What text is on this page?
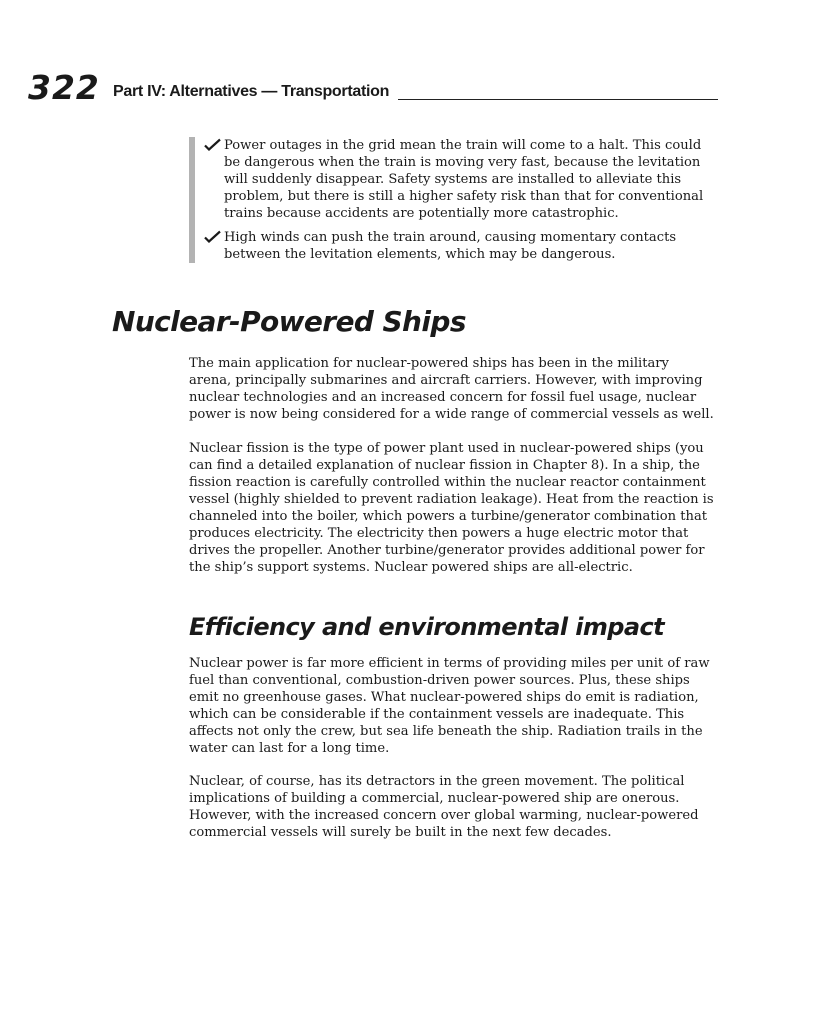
322 Part IV: Alternatives — Transportation
Power outages in the grid mean the train will come to a halt. This could be dangerous when the train is moving very fast, because the levitation will suddenly disappear. Safety systems are installed to alleviate this problem, but there is still a higher safety risk than that for conventional trains because accidents are potentially more catastrophic.
High winds can push the train around, causing momentary contacts between the levitation elements, which may be dangerous.
Nuclear-Powered Ships

The main application for nuclear-powered ships has been in the military arena, principally submarines and aircraft carriers. However, with improving nuclear technologies and an increased concern for fossil fuel usage, nuclear power is now being considered for a wide range of commercial vessels as well.

Nuclear fission is the type of power plant used in nuclear-powered ships (you can find a detailed explanation of nuclear fission in Chapter 8). In a ship, the fission reaction is carefully controlled within the nuclear reactor containment vessel (highly shielded to prevent radiation leakage). Heat from the reaction is channeled into the boiler, which powers a turbine/generator combination that produces electricity. The electricity then powers a huge electric motor that drives the propeller. Another turbine/generator provides additional power for the ship’s support systems. Nuclear powered ships are all-electric.

Efficiency and environmental impact

Nuclear power is far more efficient in terms of providing miles per unit of raw fuel than conventional, combustion-driven power sources. Plus, these ships emit no greenhouse gases. What nuclear-powered ships do emit is radiation, which can be considerable if the containment vessels are inadequate. This affects not only the crew, but sea life beneath the ship. Radiation trails in the water can last for a long time.

Nuclear, of course, has its detractors in the green movement. The political implications of building a commercial, nuclear-powered ship are onerous. However, with the increased concern over global warming, nuclear-powered commercial vessels will surely be built in the next few decades.
